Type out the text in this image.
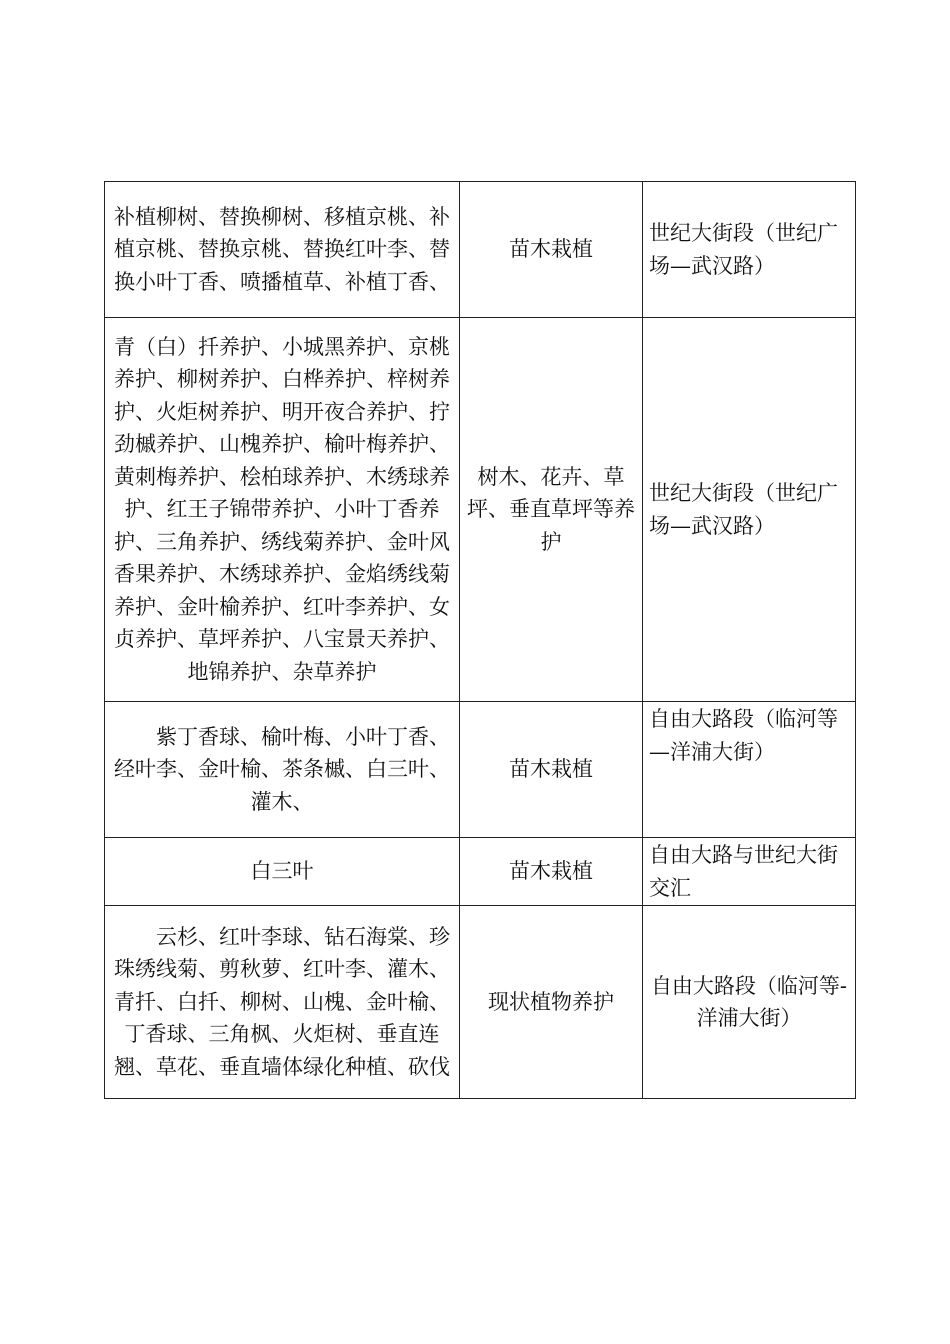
补植柳树、替换柳树、移植京桃、补植京桃、替换京桃、替换红叶李、替换小叶丁香、喷播植草、补植丁香、	苗木栽植	世纪大街段（世纪广场—武汉路）
青（白）扦养护、小城黑养护、京桃养护、柳树养护、白桦养护、梓树养护、火炬树养护、明开夜合养护、拧劲槭养护、山槐养护、榆叶梅养护、黄刺梅养护、桧柏球养护、木绣球养护、红王子锦带养护、小叶丁香养护、三角养护、绣线菊养护、金叶风香果养护、木绣球养护、金焰绣线菊养护、金叶榆养护、红叶李养护、女贞养护、草坪养护、八宝景天养护、地锦养护、杂草养护	树木、花卉、草坪、垂直草坪等养护	世纪大街段（世纪广场—武汉路）
紫丁香球、榆叶梅、小叶丁香、经叶李、金叶榆、茶条槭、白三叶、灌木、	苗木栽植	自由大路段（临河等—洋浦大街）
白三叶	苗木栽植	自由大路与世纪大街交汇
云杉、红叶李球、钻石海棠、珍珠绣线菊、剪秋萝、红叶李、灌木、青扦、白扦、柳树、山槐、金叶榆、丁香球、三角枫、火炬树、垂直连翘、草花、垂直墙体绿化种植、砍伐	现状植物养护	自由大路段（临河等-洋浦大街）
